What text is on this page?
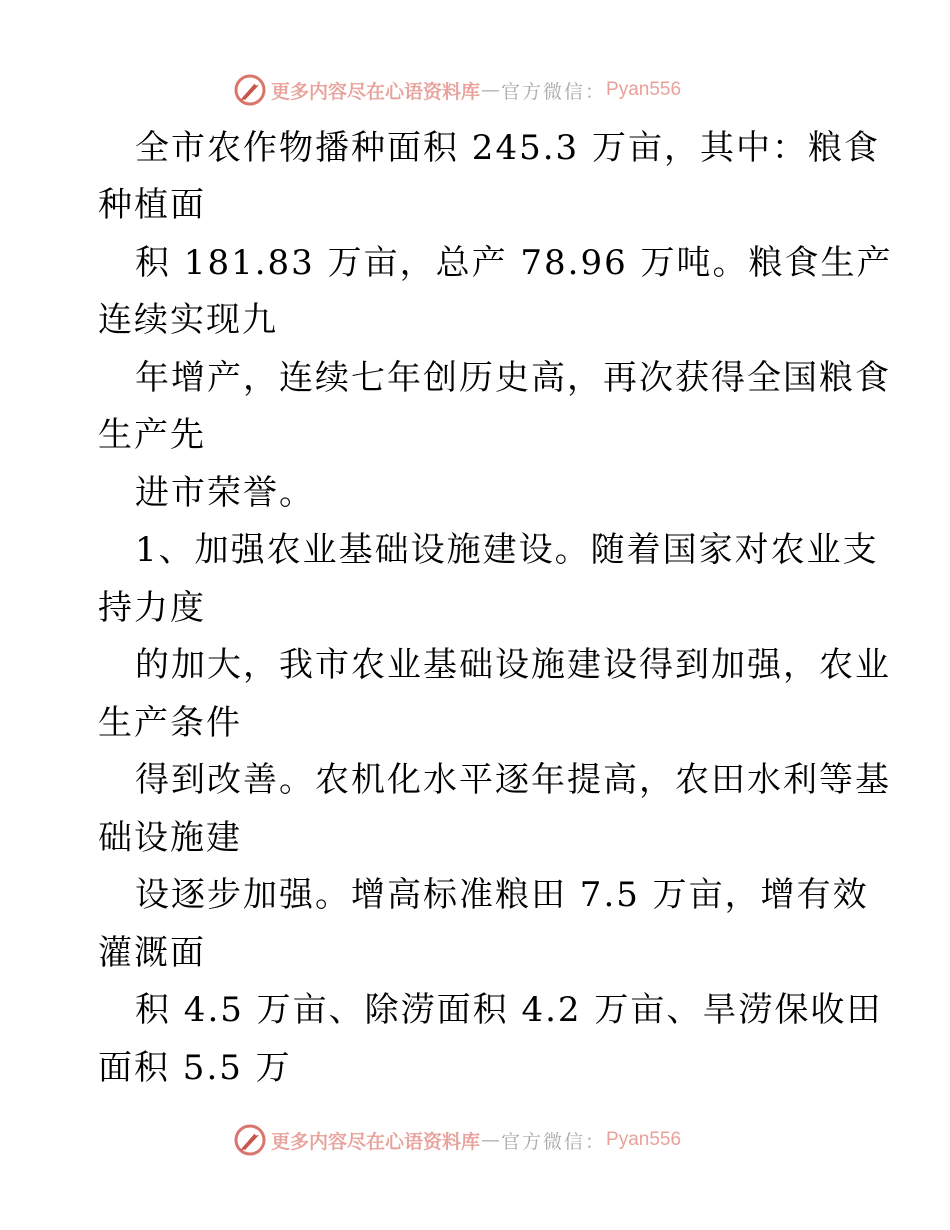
更多内容尽在心语资料库 — 官方微信： Pyan556
全市农作物播种面积 245.3 万亩，其中：粮食
种植面
积 181.83 万亩，总产 78.96 万吨。粮食生产
连续实现九
年增产，连续七年创历史高，再次获得全国粮食
生产先
进市荣誉。
1、加强农业基础设施建设。随着国家对农业支
持力度
的加大，我市农业基础设施建设得到加强，农业
生产条件
得到改善。农机化水平逐年提高，农田水利等基
础设施建
设逐步加强。增高标准粮田 7.5 万亩，增有效
灌溉面
积 4.5 万亩、除涝面积 4.2 万亩、旱涝保收田
面积 5.5 万
更多内容尽在心语资料库 — 官方微信： Pyan556
